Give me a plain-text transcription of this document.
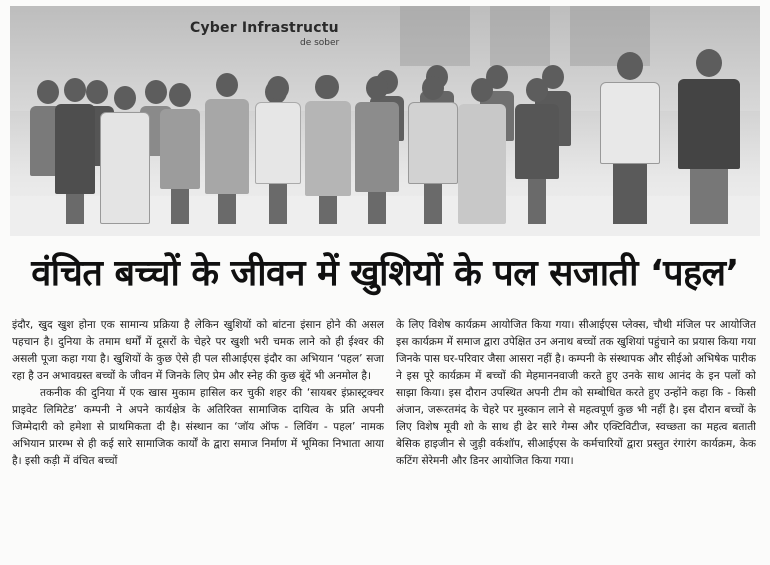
Cyber Infrastructu
de sober
वंचित बच्चों के जीवन में खुशियों के पल सजाती ‘पहल’

इंदौर, खुद खुश होना एक सामान्य प्रक्रिया है लेकिन खुशियों को बांटना इंसान होने की असल पहचान है। दुनिया के तमाम धर्मों में दूसरों के चेहरे पर खुशी भरी चमक लाने को ही ईश्वर की असली पूजा कहा गया है। खुशियों के कुछ ऐसे ही पल सीआईएस इंदौर का अभियान ‘पहल’ सजा रहा है उन अभावग्रस्त बच्चों के जीवन में जिनके लिए प्रेम और स्नेह की कुछ बूंदें भी अनमोल है।

तकनीक की दुनिया में एक खास मुकाम हासिल कर चुकी शहर की ‘सायबर इंफ्रास्ट्रक्चर प्राइवेट लिमिटेड’ कम्पनी ने अपने कार्यक्षेत्र के अतिरिक्त सामाजिक दायित्व के प्रति अपनी जिम्मेदारी को हमेशा से प्राथमिकता दी है। संस्थान का ‘जॉय ऑफ - लिविंग - पहल’ नामक अभियान प्रारम्भ से ही कई सारे सामाजिक कार्यों के द्वारा समाज निर्माण में भूमिका निभाता आया है। इसी कड़ी में वंचित बच्चों

के लिए विशेष कार्यक्रम आयोजित किया गया। सीआईएस प्लेक्स, चौथी मंजिल पर आयोजित इस कार्यक्रम में समाज द्वारा उपेक्षित उन अनाथ बच्चों तक खुशियां पहुंचाने का प्रयास किया गया जिनके पास घर-परिवार जैसा आसरा नहीं है। कम्पनी के संस्थापक और सीईओ अभिषेक पारीक ने इस पूरे कार्यक्रम में बच्चों की मेहमाननवाजी करते हुए उनके साथ आनंद के इन पलों को साझा किया। इस दौरान उपस्थित अपनी टीम को सम्बोधित करते हुए उन्होंने कहा कि - किसी अंजान, जरूरतमंद के चेहरे पर मुस्कान लाने से महत्वपूर्ण कुछ भी नहीं है। इस दौरान बच्चों के लिए विशेष मूवी शो के साथ ही ढेर सारे गेम्स और एक्टिविटीज, स्वच्छता का महत्व बताती बेसिक हाइजीन से जुड़ी वर्कशॉप, सीआईएस के कर्मचारियों द्वारा प्रस्तुत रंगारंग कार्यक्रम, केक कटिंग सेरेमनी और डिनर आयोजित किया गया।
